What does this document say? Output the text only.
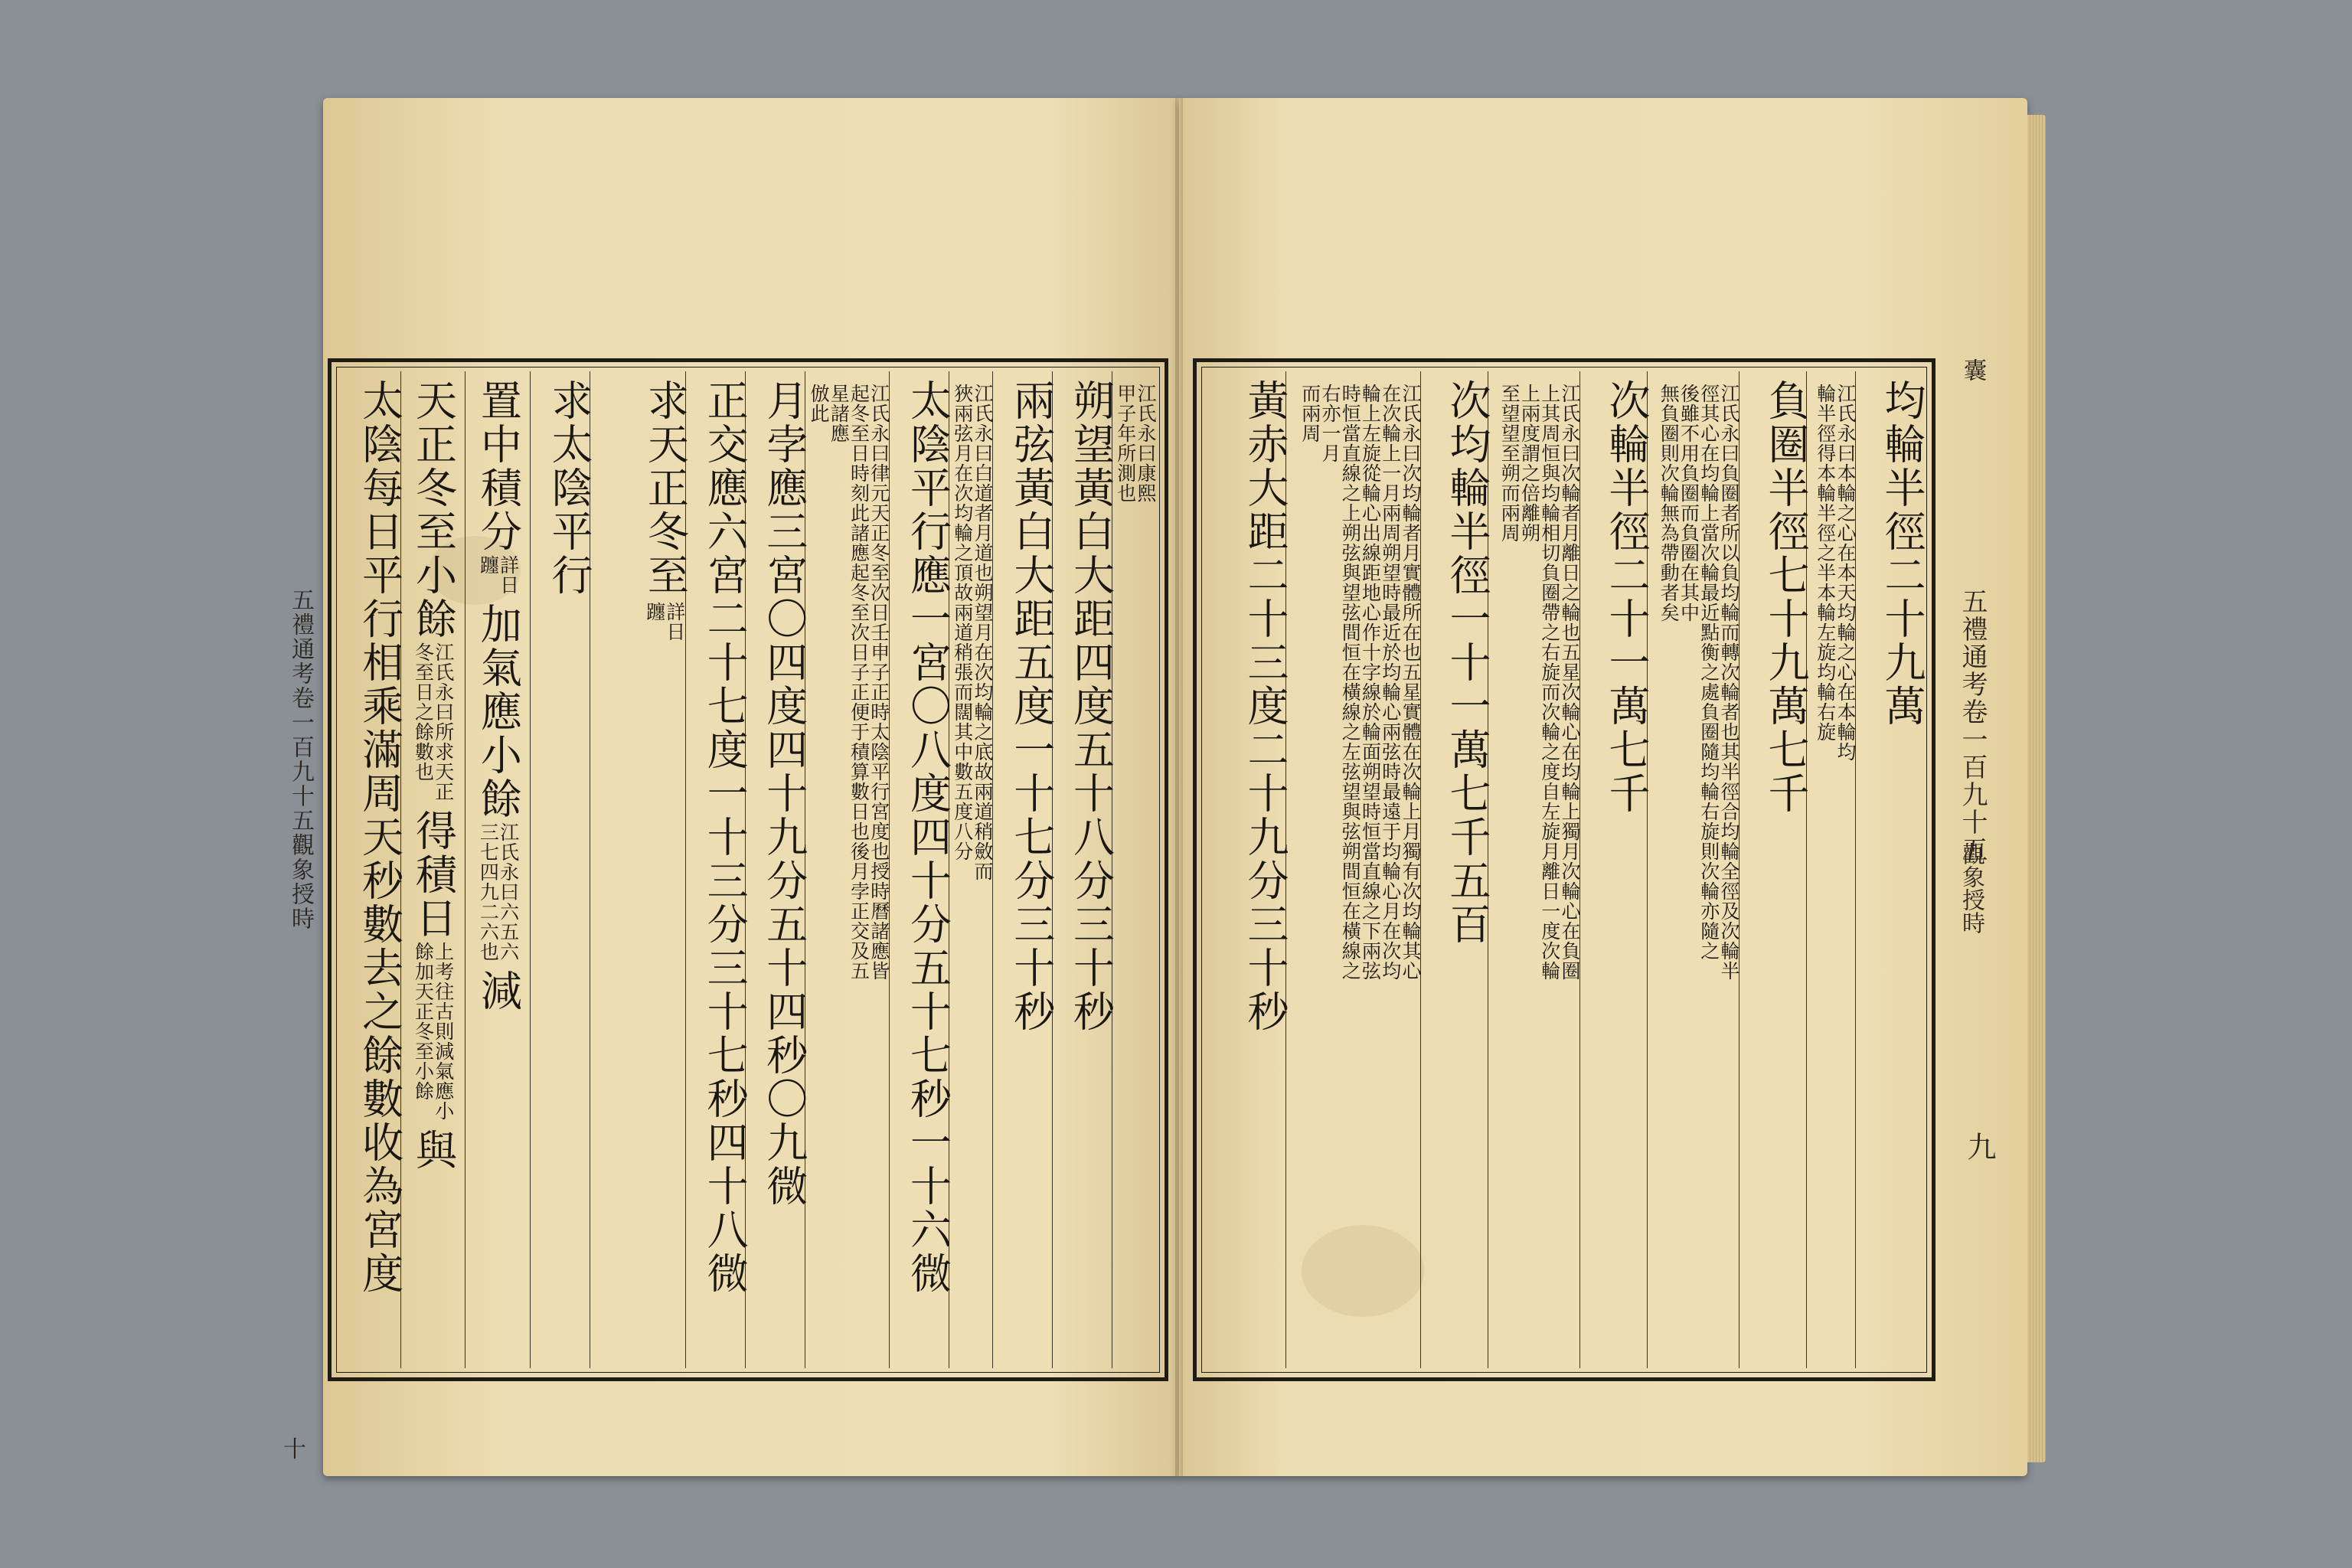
五禮通考卷一百九十五觀象授時
十
江氏永曰康熙
甲子年所測也
朔望黃白大距四度五十八分三十秒
兩弦黃白大距五度一十七分三十秒
江氏永曰白道者月道也朔望月在次均輪之底故兩道稍斂而
狹兩弦月在次均輪之頂故兩道稍張而闊其中數五度八分
太陰平行應一宮〇八度四十分五十七秒一十六微
江氏永曰律元天正冬至次日壬申子正時太陰平行宮度也授時曆諸應皆
起冬至日時刻此諸應起冬至次日子正便于積算數日也後月孛正交及五
星諸應
倣此
月孛應三宮〇四度四十九分五十四秒〇九微
正交應六宮二十七度一十三分三十七秒四十八微
求天正冬至
詳日
躔
求太陰平行
置中積分
詳日
躔
加氣應小餘
江氏永曰六五六
三七四九二六也
減
天正冬至小餘
江氏永曰所求天正
冬至日之餘數也
得積日
上考往古則減氣應小
餘加天正冬至小餘
與
太陰每日平行相乘滿周天秒數去之餘數收為宮度	均輪半徑二十九萬
江氏永曰本輪之心在本天均輪之心在本輪均
輪半徑得本輪半徑之半本輪左旋均輪右旋
負圈半徑七十九萬七千
江氏永曰負圈者所以負均輪而轉次輪者也其半徑合均輪全徑及次輪半
徑其心在均輪上當次輪最近點衡之處負圈隨均輪右旋則次輪亦隨之
後雖不用負圈而負圈在其中
無負圈則次輪無為帶動者矣
次輪半徑二十一萬七千
江氏永曰次輪者月離日之輪也五星次輪心在均輪上獨月次輪心在負圈
上其周恒與均輪相切負圈帶之右旋而次輪之度自左旋月離日一度次輪
上兩度謂之倍離朔
至望望至朔而兩周
次均輪半徑一十一萬七千五百
江氏永曰次均輪者月實體所在也五星實體在次輪上月獨有次均輪其心
在次輪上一月兩周朔望時最近於均輪心兩弦時最遠于均輪心月在次均
輪上左旋從輪心出線距地心作十字線於輪面朔望時恒當直線之下兩弦
時恒當直線之上朔弦與望弦間恒在橫線之左弦望與弦朔間恒在橫線之
右亦一月
而兩周
黃赤大距二十三度二十九分三十秒
囊
五禮通考卷一百九十五
九
觀象授時
